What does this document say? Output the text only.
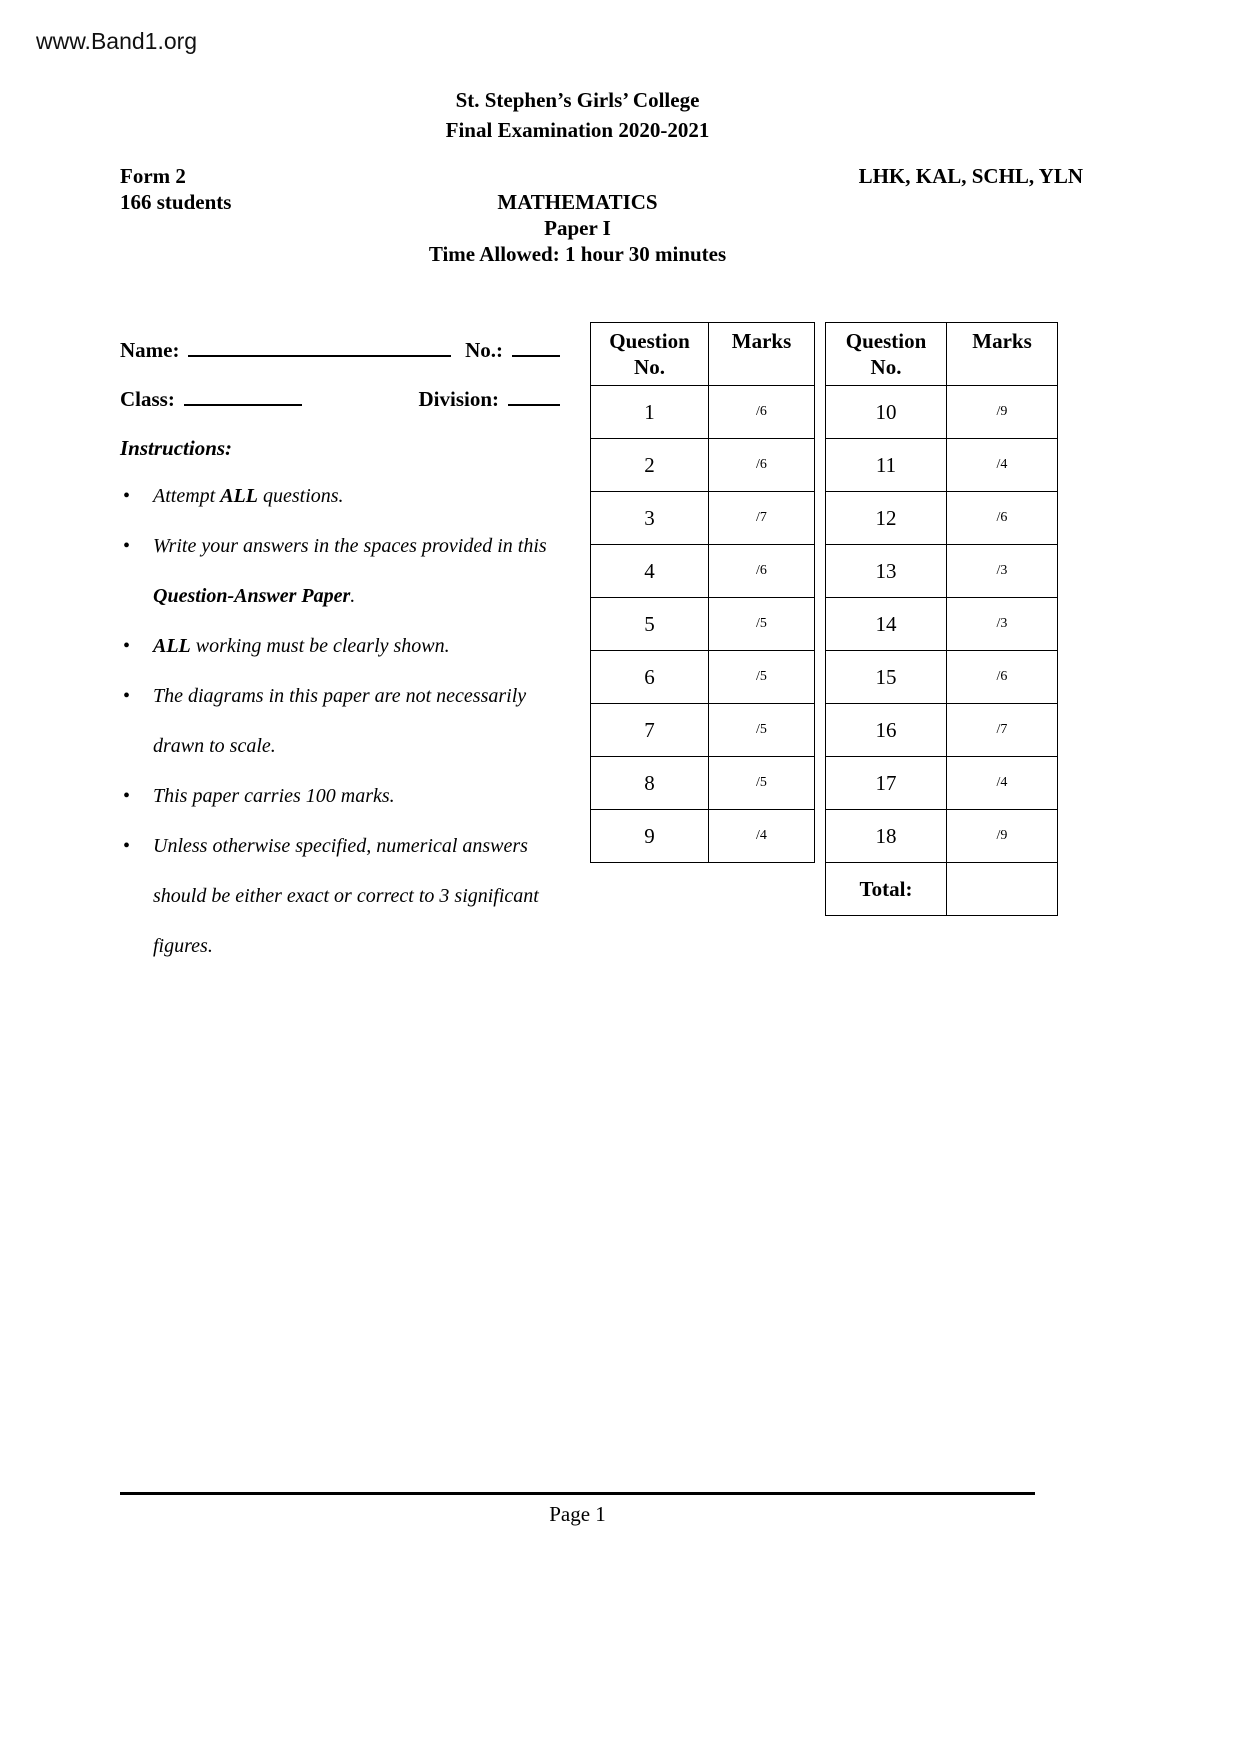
www.Band1.org
St. Stephen’s Girls’ College
Final Examination 2020-2021
Form 2
166 students
LHK, KAL, SCHL, YLN
MATHEMATICS
Paper I
Time Allowed: 1 hour 30 minutes
Name:	No.:
Class:	Division:
Instructions:
• Attempt ALL questions.
• Write your answers in the spaces provided in this Question-Answer Paper.
• ALL working must be clearly shown.
• The diagrams in this paper are not necessarily drawn to scale.
• This paper carries 100 marks.
• Unless otherwise specified, numerical answers should be either exact or correct to 3 significant figures.
Question No.	Marks
1	/6
2	/6
3	/7
4	/6
5	/5
6	/5
7	/5
8	/5
9	/4
Question No.	Marks
10	/9
11	/4
12	/6
13	/3
14	/3
15	/6
16	/7
17	/4
18	/9
Total:	
Page 1
